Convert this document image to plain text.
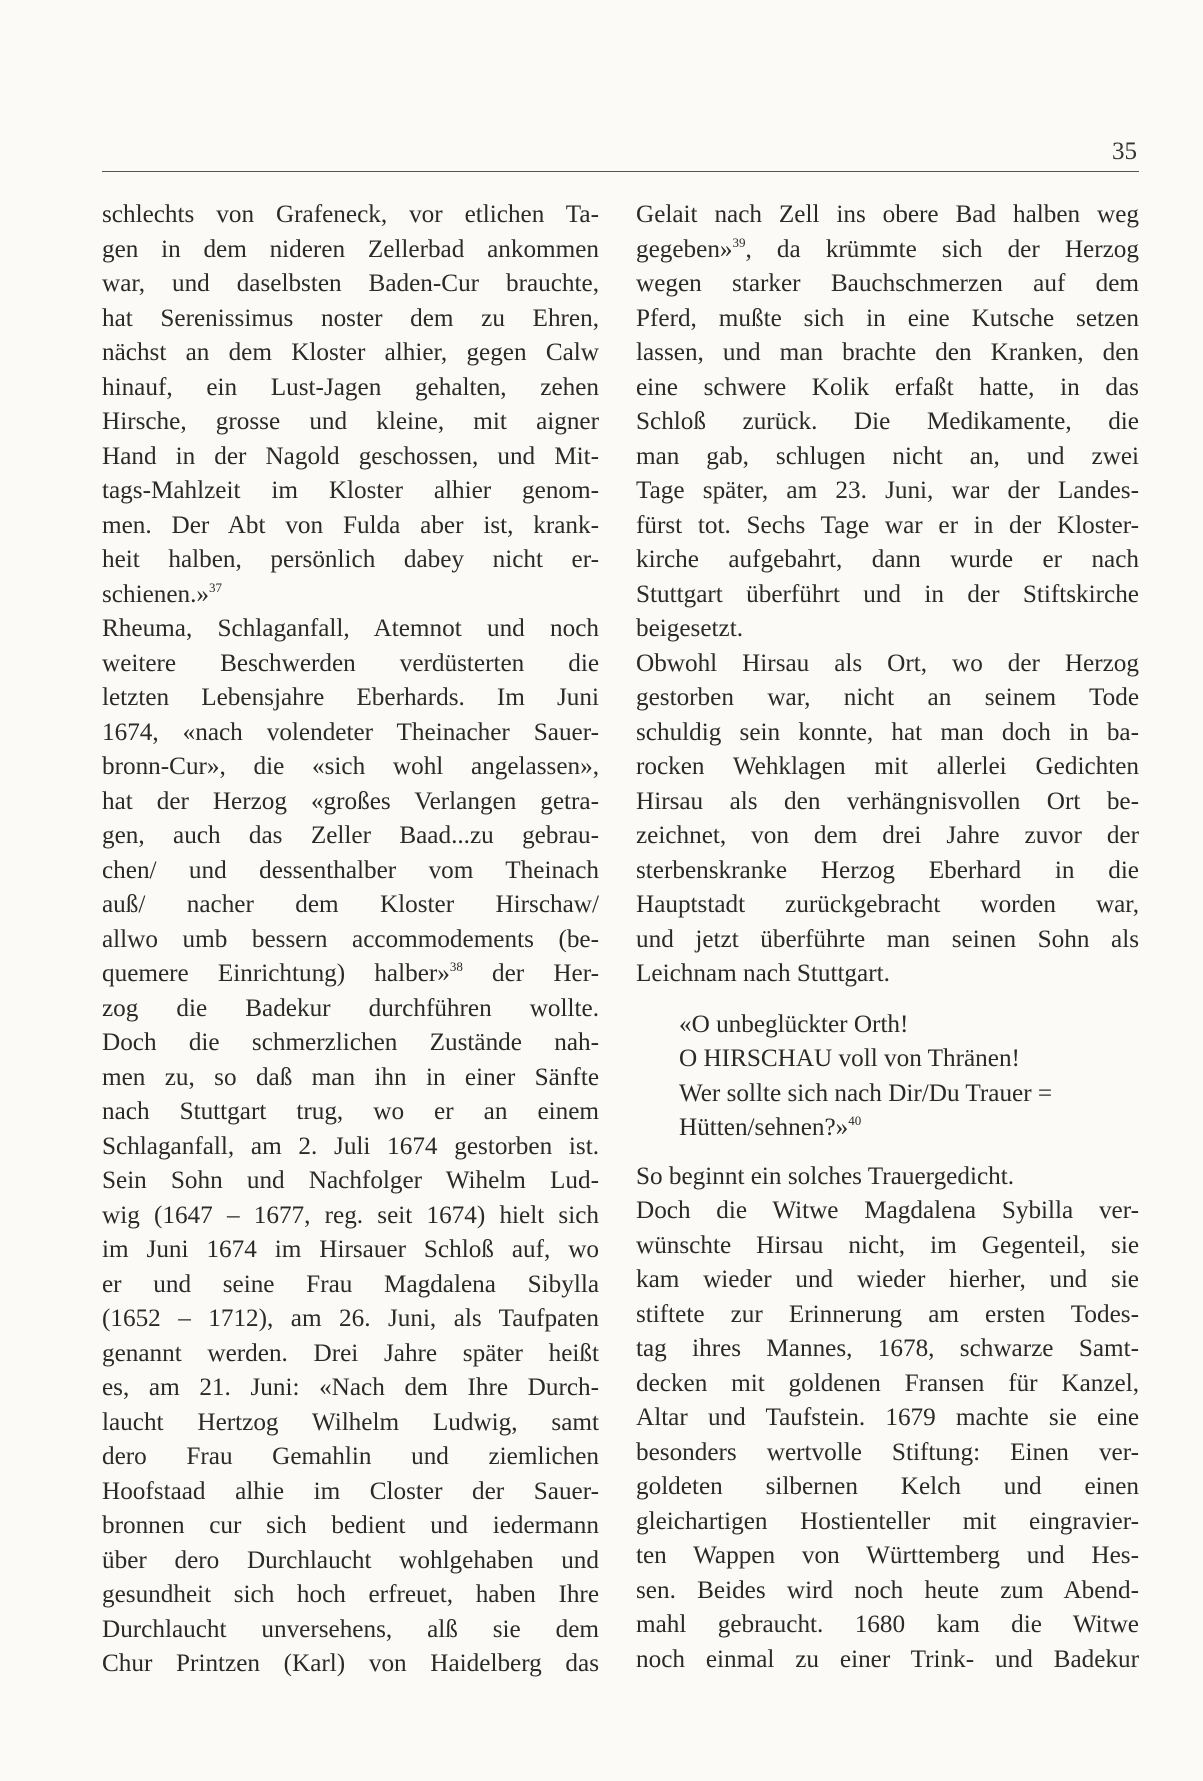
35
schlechts von Grafeneck, vor etlichen Ta-
gen in dem nideren Zellerbad ankommen
war, und daselbsten Baden-Cur brauchte,
hat Serenissimus noster dem zu Ehren,
nächst an dem Kloster alhier, gegen Calw
hinauf, ein Lust-Jagen gehalten, zehen
Hirsche, grosse und kleine, mit aigner
Hand in der Nagold geschossen, und Mit-
tags-Mahlzeit im Kloster alhier genom-
men. Der Abt von Fulda aber ist, krank-
heit halben, persönlich dabey nicht er-
schienen.»$^{37}$
Rheuma, Schlaganfall, Atemnot und noch
weitere Beschwerden verdüsterten die
letzten Lebensjahre Eberhards. Im Juni
1674, «nach volendeter Theinacher Sauer-
bronn-Cur», die «sich wohl angelassen»,
hat der Herzog «großes Verlangen getra-
gen, auch das Zeller Baad...zu gebrau-
chen/ und dessenthalber vom Theinach
auß/ nacher dem Kloster Hirschaw/
allwo umb bessern accommodements (be-
quemere Einrichtung) halber»$^{38}$ der Her-
zog die Badekur durchführen wollte.
Doch die schmerzlichen Zustände nah-
men zu, so daß man ihn in einer Sänfte
nach Stuttgart trug, wo er an einem
Schlaganfall, am 2. Juli 1674 gestorben ist.
Sein Sohn und Nachfolger Wihelm Lud-
wig (1647 – 1677, reg. seit 1674) hielt sich
im Juni 1674 im Hirsauer Schloß auf, wo
er und seine Frau Magdalena Sibylla
(1652 – 1712), am 26. Juni, als Taufpaten
genannt werden. Drei Jahre später heißt
es, am 21. Juni: «Nach dem Ihre Durch-
laucht Hertzog Wilhelm Ludwig, samt
dero Frau Gemahlin und ziemlichen
Hoofstaad alhie im Closter der Sauer-
bronnen cur sich bedient und iedermann
über dero Durchlaucht wohlgehaben und
gesundheit sich hoch erfreuet, haben Ihre
Durchlaucht unversehens, alß sie dem
Chur Printzen (Karl) von Haidelberg das
Gelait nach Zell ins obere Bad halben weg
gegeben»$^{39}$, da krümmte sich der Herzog
wegen starker Bauchschmerzen auf dem
Pferd, mußte sich in eine Kutsche setzen
lassen, und man brachte den Kranken, den
eine schwere Kolik erfaßt hatte, in das
Schloß zurück. Die Medikamente, die
man gab, schlugen nicht an, und zwei
Tage später, am 23. Juni, war der Landes-
fürst tot. Sechs Tage war er in der Kloster-
kirche aufgebahrt, dann wurde er nach
Stuttgart überführt und in der Stiftskirche
beigesetzt.
Obwohl Hirsau als Ort, wo der Herzog
gestorben war, nicht an seinem Tode
schuldig sein konnte, hat man doch in ba-
rocken Wehklagen mit allerlei Gedichten
Hirsau als den verhängnisvollen Ort be-
zeichnet, von dem drei Jahre zuvor der
sterbenskranke Herzog Eberhard in die
Hauptstadt zurückgebracht worden war,
und jetzt überführte man seinen Sohn als
Leichnam nach Stuttgart.
«O unbeglückter Orth!
O HIRSCHAU voll von Thränen!
Wer sollte sich nach Dir/Du Trauer =
Hütten/sehnen?»$^{40}$
So beginnt ein solches Trauergedicht.
Doch die Witwe Magdalena Sybilla ver-
wünschte Hirsau nicht, im Gegenteil, sie
kam wieder und wieder hierher, und sie
stiftete zur Erinnerung am ersten Todes-
tag ihres Mannes, 1678, schwarze Samt-
decken mit goldenen Fransen für Kanzel,
Altar und Taufstein. 1679 machte sie eine
besonders wertvolle Stiftung: Einen ver-
goldeten silbernen Kelch und einen
gleichartigen Hostienteller mit eingravier-
ten Wappen von Württemberg und Hes-
sen. Beides wird noch heute zum Abend-
mahl gebraucht. 1680 kam die Witwe
noch einmal zu einer Trink- und Badekur
